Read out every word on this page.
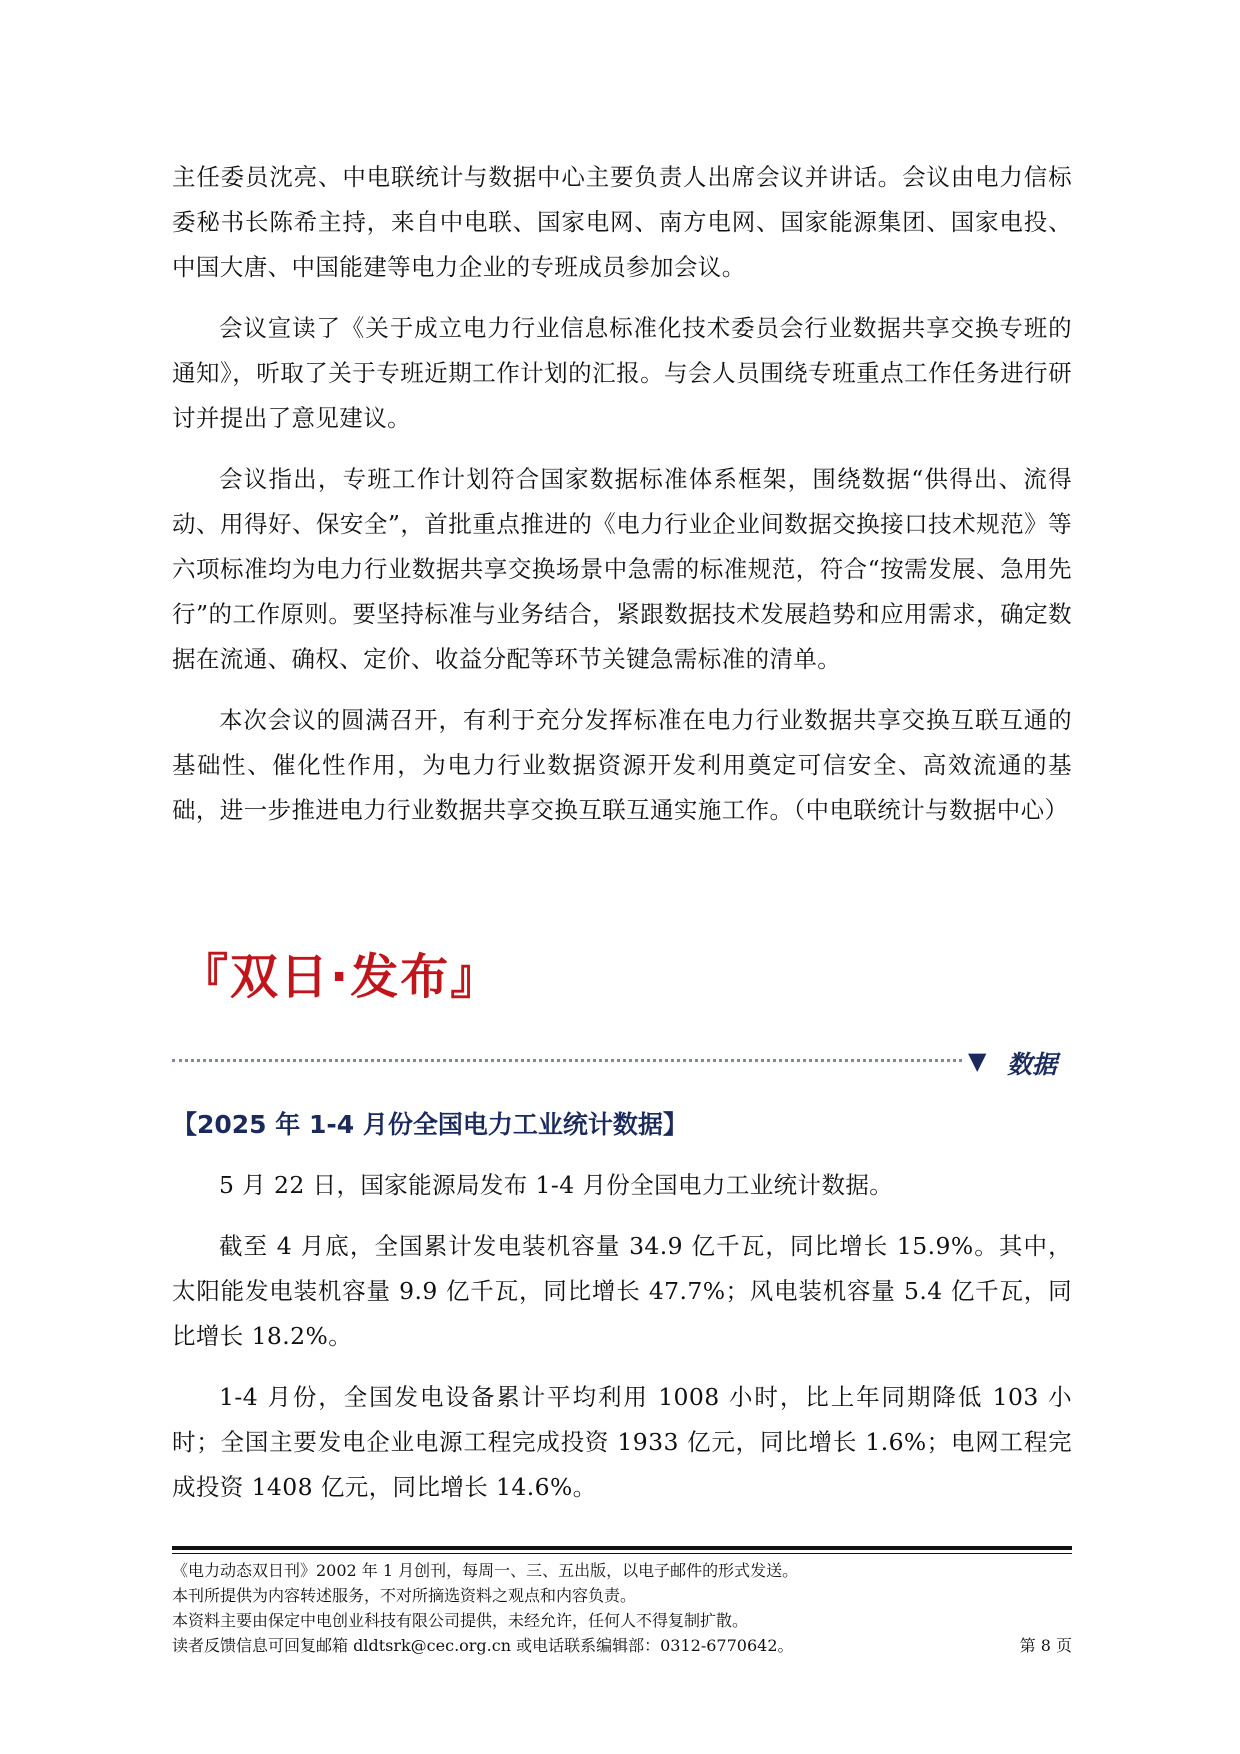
主任委员沈亮、中电联统计与数据中心主要负责人出席会议并讲话。会议由电力信标委秘书长陈希主持，来自中电联、国家电网、南方电网、国家能源集团、国家电投、中国大唐、中国能建等电力企业的专班成员参加会议。

会议宣读了《关于成立电力行业信息标准化技术委员会行业数据共享交换专班的通知》，听取了关于专班近期工作计划的汇报。与会人员围绕专班重点工作任务进行研讨并提出了意见建议。

会议指出，专班工作计划符合国家数据标准体系框架，围绕数据“供得出、流得动、用得好、保安全”，首批重点推进的《电力行业企业间数据交换接口技术规范》等六项标准均为电力行业数据共享交换场景中急需的标准规范，符合“按需发展、急用先行”的工作原则。要坚持标准与业务结合，紧跟数据技术发展趋势和应用需求，确定数据在流通、确权、定价、收益分配等环节关键急需标准的清单。

本次会议的圆满召开，有利于充分发挥标准在电力行业数据共享交换互联互通的基础性、催化性作用，为电力行业数据资源开发利用奠定可信安全、高效流通的基础，进一步推进电力行业数据共享交换互联互通实施工作。（中电联统计与数据中心）

『双日·发布』
▼ 数据
【2025 年 1-4 月份全国电力工业统计数据】

5 月 22 日，国家能源局发布 1-4 月份全国电力工业统计数据。

截至 4 月底，全国累计发电装机容量 34.9 亿千瓦，同比增长 15.9%。其中，太阳能发电装机容量 9.9 亿千瓦，同比增长 47.7%；风电装机容量 5.4 亿千瓦，同比增长 18.2%。

1-4 月份，全国发电设备累计平均利用 1008 小时，比上年同期降低 103 小时；全国主要发电企业电源工程完成投资 1933 亿元，同比增长 1.6%；电网工程完成投资 1408 亿元，同比增长 14.6%。

《电力动态双日刊》2002 年 1 月创刊，每周一、三、五出版，以电子邮件的形式发送。
本刊所提供为内容转述服务，不对所摘选资料之观点和内容负责。
本资料主要由保定中电创业科技有限公司提供，未经允许，任何人不得复制扩散。
读者反馈信息可回复邮箱 dldtsrk@cec.org.cn 或电话联系编辑部：0312-6770642。	第 8 页
